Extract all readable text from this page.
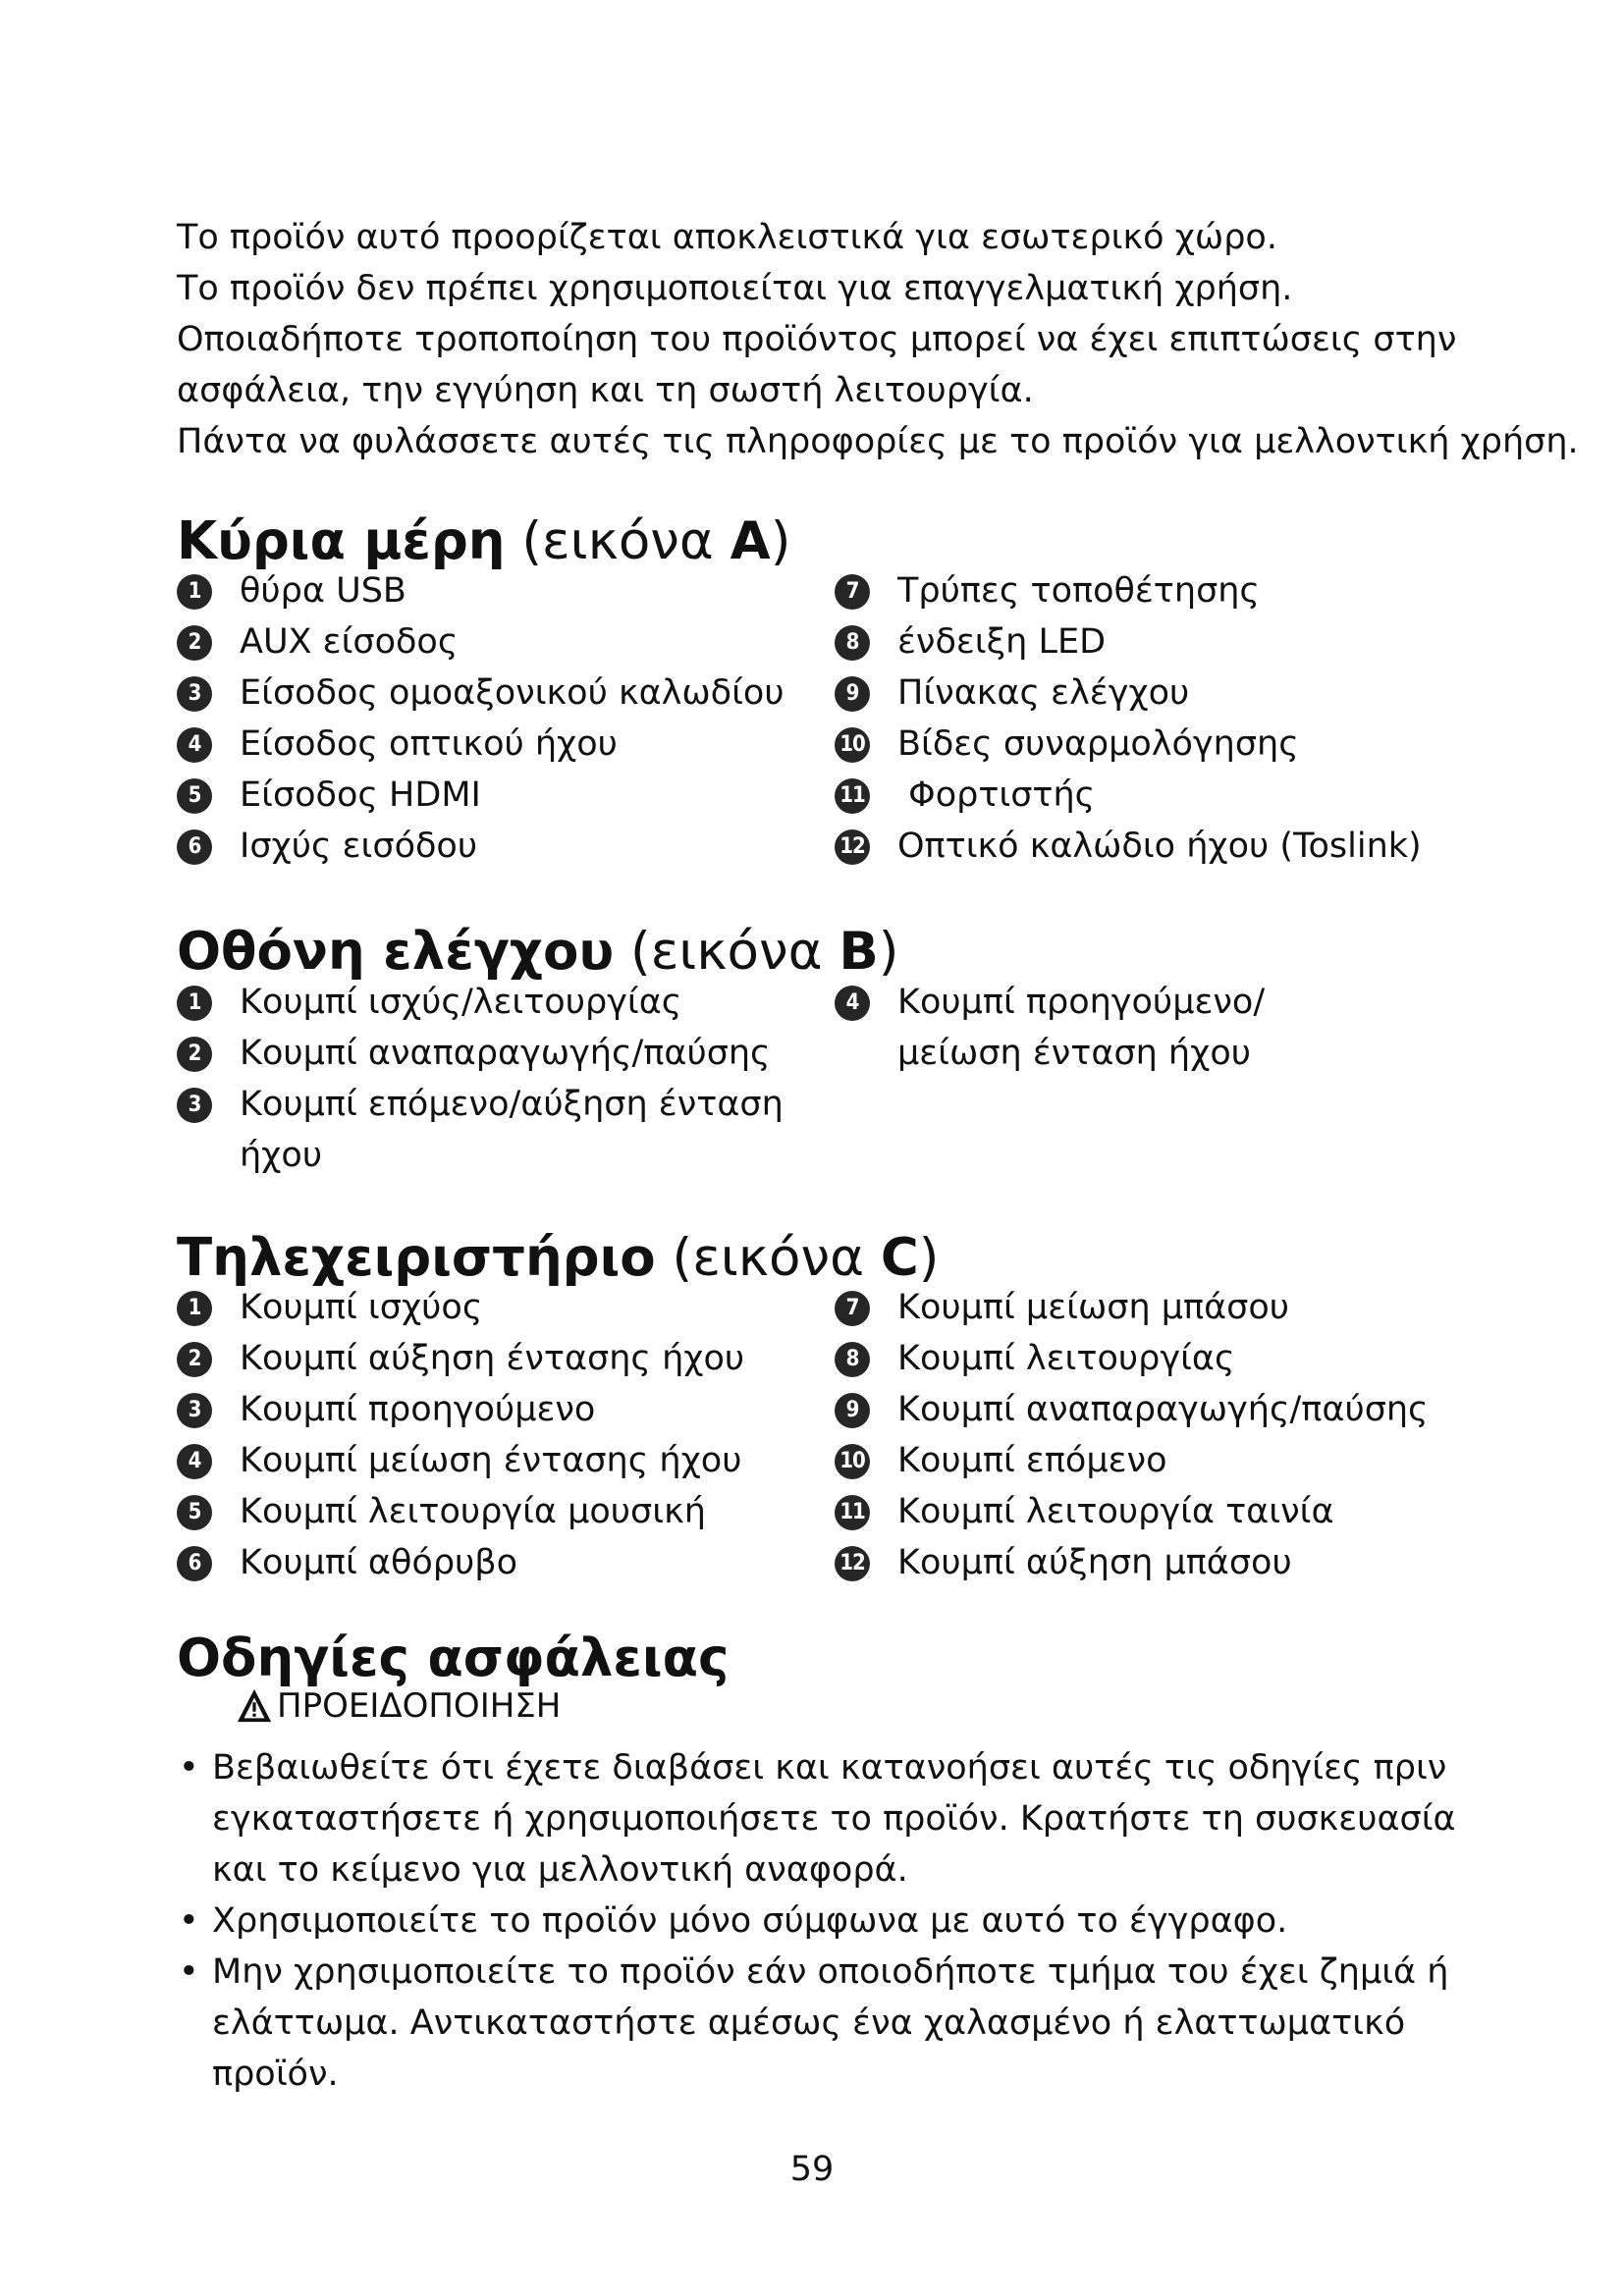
Το προϊόν αυτό προορίζεται αποκλειστικά για εσωτερικό χώρο.

Το προϊόν δεν πρέπει χρησιμοποιείται για επαγγελματική χρήση.

Οποιαδήποτε τροποποίηση του προϊόντος μπορεί να έχει επιπτώσεις στην

ασφάλεια, την εγγύηση και τη σωστή λειτουργία.

Πάντα να φυλάσσετε αυτές τις πληροφορίες με το προϊόν για μελλοντική χρήση.

Κύρια μέρη (εικόνα A)
1	θύρα USB
2	AUX είσοδος
3	Είσοδος ομοαξονικού καλωδίου
4	Είσοδος οπτικού ήχου
5	Είσοδος HDMI
6	Ισχύς εισόδου
7	Τρύπες τοποθέτησης
8	ένδειξη LED
9	Πίνακας ελέγχου
10 Βίδες συναρμολόγησης
11 Φορτιστής
12 Οπτικό καλώδιο ήχου (Toslink)
Οθόνη ελέγχου (εικόνα B)
1	Κουμπί ισχύς/λειτουργίας
2	Κουμπί αναπαραγωγής/παύσης
3	Κουμπί επόμενο/αύξηση ένταση ήχου
4	Κουμπί προηγούμενο/μείωση ένταση ήχου
Τηλεχειριστήριο (εικόνα C)
1	Κουμπί ισχύος
2	Κουμπί αύξηση έντασης ήχου
3	Κουμπί προηγούμενο
4	Κουμπί μείωση έντασης ήχου
5	Κουμπί λειτουργία μουσική
6	Κουμπί αθόρυβο
7	Κουμπί μείωση μπάσου
8	Κουμπί λειτουργίας
9	Κουμπί αναπαραγωγής/παύσης
10 Κουμπί επόμενο
11 Κουμπί λειτουργία ταινία
12 Κουμπί αύξηση μπάσου
Οδηγίες ασφάλειας
ΠΡΟΕΙΔΟΠΟΙΗΣΗ
• Βεβαιωθείτε ότι έχετε διαβάσει και κατανοήσει αυτές τις οδηγίες πριν εγκαταστήσετε ή χρησιμοποιήσετε το προϊόν. Κρατήστε τη συσκευασία και το κείμενο για μελλοντική αναφορά.
• Χρησιμοποιείτε το προϊόν μόνο σύμφωνα με αυτό το έγγραφο.
• Μην χρησιμοποιείτε το προϊόν εάν οποιοδήποτε τμήμα του έχει ζημιά ή ελάττωμα. Αντικαταστήστε αμέσως ένα χαλασμένο ή ελαττωματικό προϊόν.
59
